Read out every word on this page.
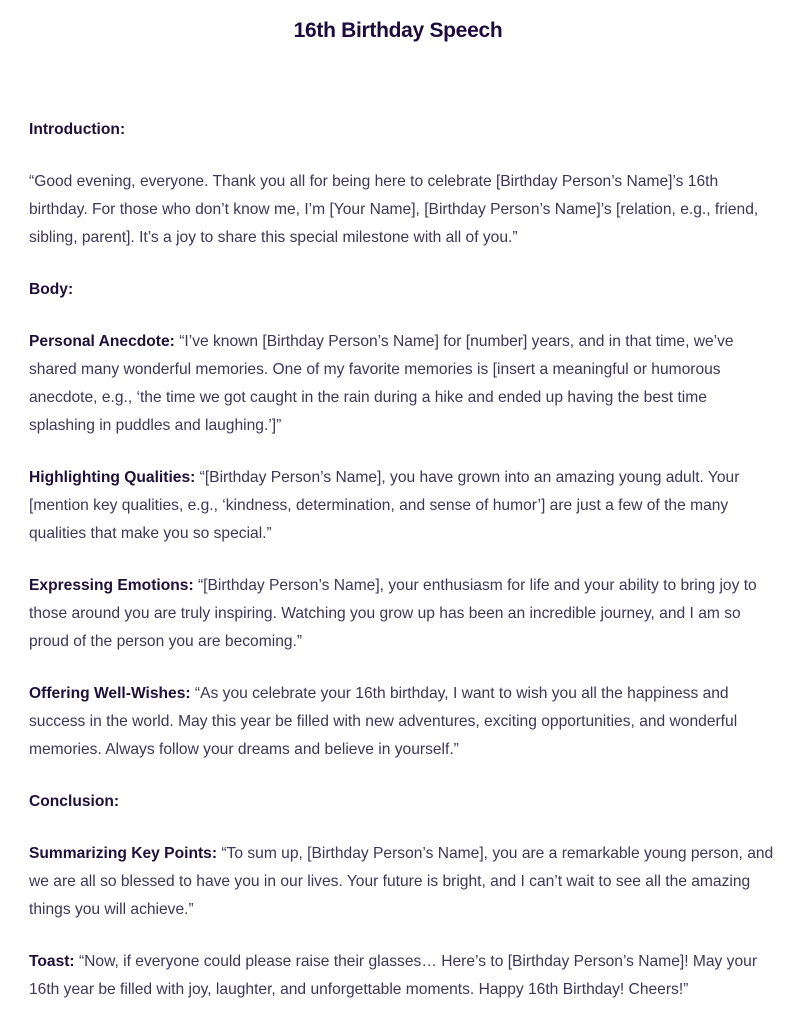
16th Birthday Speech

Introduction:

“Good evening, everyone. Thank you all for being here to celebrate [Birthday Person’s Name]’s 16th birthday. For those who don’t know me, I’m [Your Name], [Birthday Person’s Name]’s [relation, e.g., friend, sibling, parent]. It’s a joy to share this special milestone with all of you.”

Body:

Personal Anecdote: “I’ve known [Birthday Person’s Name] for [number] years, and in that time, we’ve shared many wonderful memories. One of my favorite memories is [insert a meaningful or humorous anecdote, e.g., ‘the time we got caught in the rain during a hike and ended up having the best time splashing in puddles and laughing.’]”

Highlighting Qualities: “[Birthday Person’s Name], you have grown into an amazing young adult. Your [mention key qualities, e.g., ‘kindness, determination, and sense of humor’] are just a few of the many qualities that make you so special.”

Expressing Emotions: “[Birthday Person’s Name], your enthusiasm for life and your ability to bring joy to those around you are truly inspiring. Watching you grow up has been an incredible journey, and I am so proud of the person you are becoming.”

Offering Well-Wishes: “As you celebrate your 16th birthday, I want to wish you all the happiness and success in the world. May this year be filled with new adventures, exciting opportunities, and wonderful memories. Always follow your dreams and believe in yourself.”

Conclusion:

Summarizing Key Points: “To sum up, [Birthday Person’s Name], you are a remarkable young person, and we are all so blessed to have you in our lives. Your future is bright, and I can’t wait to see all the amazing things you will achieve.”

Toast: “Now, if everyone could please raise their glasses… Here’s to [Birthday Person’s Name]! May your 16th year be filled with joy, laughter, and unforgettable moments. Happy 16th Birthday! Cheers!”
